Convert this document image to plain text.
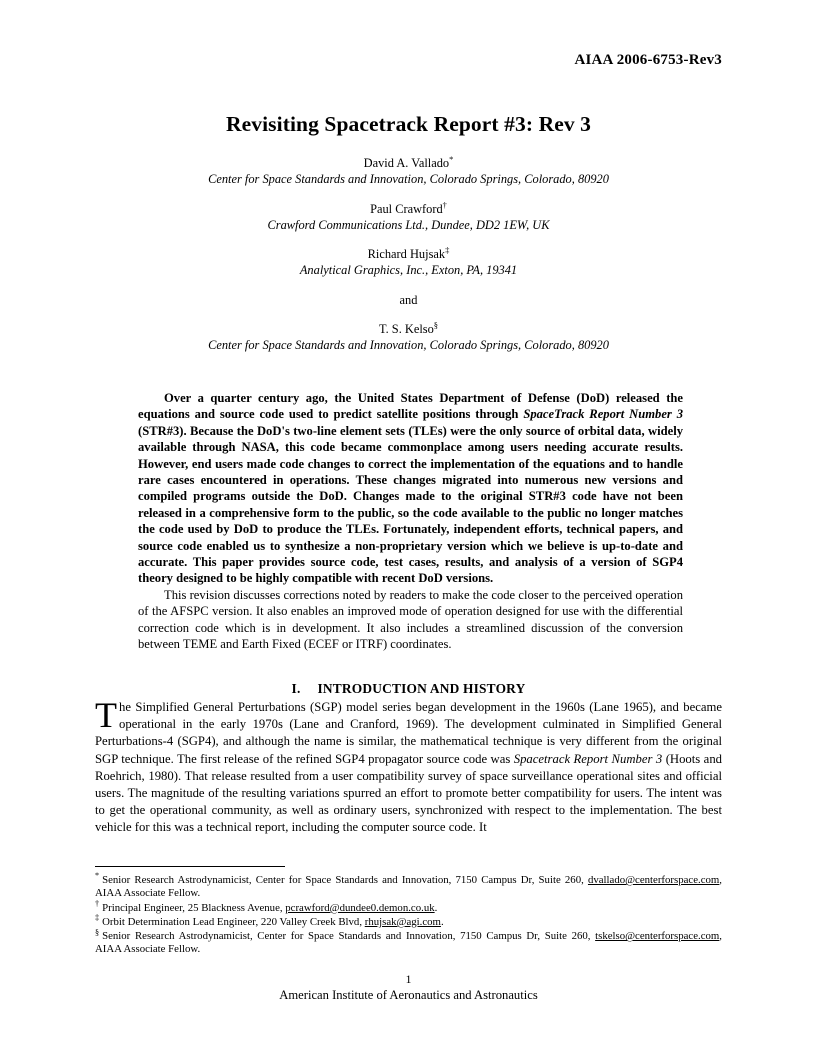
AIAA 2006-6753-Rev3
Revisiting Spacetrack Report #3: Rev 3
David A. Vallado*
Center for Space Standards and Innovation, Colorado Springs, Colorado, 80920
Paul Crawford†
Crawford Communications Ltd., Dundee, DD2 1EW, UK
Richard Hujsak‡
Analytical Graphics, Inc., Exton, PA, 19341
and
T. S. Kelso§
Center for Space Standards and Innovation, Colorado Springs, Colorado, 80920

Over a quarter century ago, the United States Department of Defense (DoD) released the equations and source code used to predict satellite positions through SpaceTrack Report Number 3 (STR#3). Because the DoD's two-line element sets (TLEs) were the only source of orbital data, widely available through NASA, this code became commonplace among users needing accurate results. However, end users made code changes to correct the implementation of the equations and to handle rare cases encountered in operations. These changes migrated into numerous new versions and compiled programs outside the DoD. Changes made to the original STR#3 code have not been released in a comprehensive form to the public, so the code available to the public no longer matches the code used by DoD to produce the TLEs. Fortunately, independent efforts, technical papers, and source code enabled us to synthesize a non-proprietary version which we believe is up-to-date and accurate. This paper provides source code, test cases, results, and analysis of a version of SGP4 theory designed to be highly compatible with recent DoD versions.

This revision discusses corrections noted by readers to make the code closer to the perceived operation of the AFSPC version. It also enables an improved mode of operation designed for use with the differential correction code which is in development. It also includes a streamlined discussion of the conversion between TEME and Earth Fixed (ECEF or ITRF) coordinates.

I. INTRODUCTION AND HISTORY

The Simplified General Perturbations (SGP) model series began development in the 1960s (Lane 1965), and became operational in the early 1970s (Lane and Cranford, 1969). The development culminated in Simplified General Perturbations-4 (SGP4), and although the name is similar, the mathematical technique is very different from the original SGP technique. The first release of the refined SGP4 propagator source code was Spacetrack Report Number 3 (Hoots and Roehrich, 1980). That release resulted from a user compatibility survey of space surveillance operational sites and official users. The magnitude of the resulting variations spurred an effort to promote better compatibility for users. The intent was to get the operational community, as well as ordinary users, synchronized with respect to the implementation. The best vehicle for this was a technical report, including the computer source code. It

* Senior Research Astrodynamicist, Center for Space Standards and Innovation, 7150 Campus Dr, Suite 260, dvallado@centerforspace.com, AIAA Associate Fellow.

† Principal Engineer, 25 Blackness Avenue, pcrawford@dundee0.demon.co.uk.

‡ Orbit Determination Lead Engineer, 220 Valley Creek Blvd, rhujsak@agi.com.

§ Senior Research Astrodynamicist, Center for Space Standards and Innovation, 7150 Campus Dr, Suite 260, tskelso@centerforspace.com, AIAA Associate Fellow.

1
American Institute of Aeronautics and Astronautics
